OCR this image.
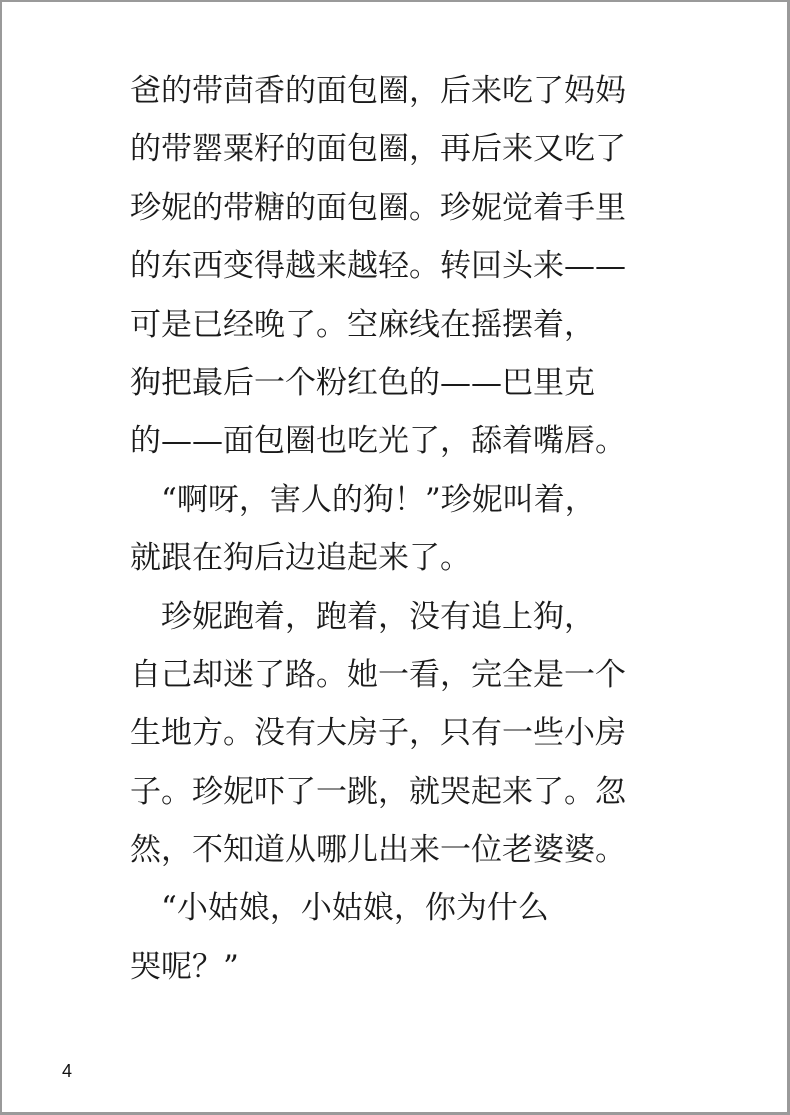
爸的带茴香的面包圈，后来吃了妈妈
的带罂粟籽的面包圈，再后来又吃了
珍妮的带糖的面包圈。珍妮觉着手里
的东西变得越来越轻。转回头来——
可是已经晚了。空麻线在摇摆着，
狗把最后一个粉红色的——巴里克
的——面包圈也吃光了，舔着嘴唇。
　“啊呀，害人的狗！”珍妮叫着，
就跟在狗后边追起来了。
　珍妮跑着，跑着，没有追上狗，
自己却迷了路。她一看，完全是一个
生地方。没有大房子，只有一些小房
子。珍妮吓了一跳，就哭起来了。忽
然，不知道从哪儿出来一位老婆婆。
　“小姑娘，小姑娘，你为什么
哭呢？”
4
